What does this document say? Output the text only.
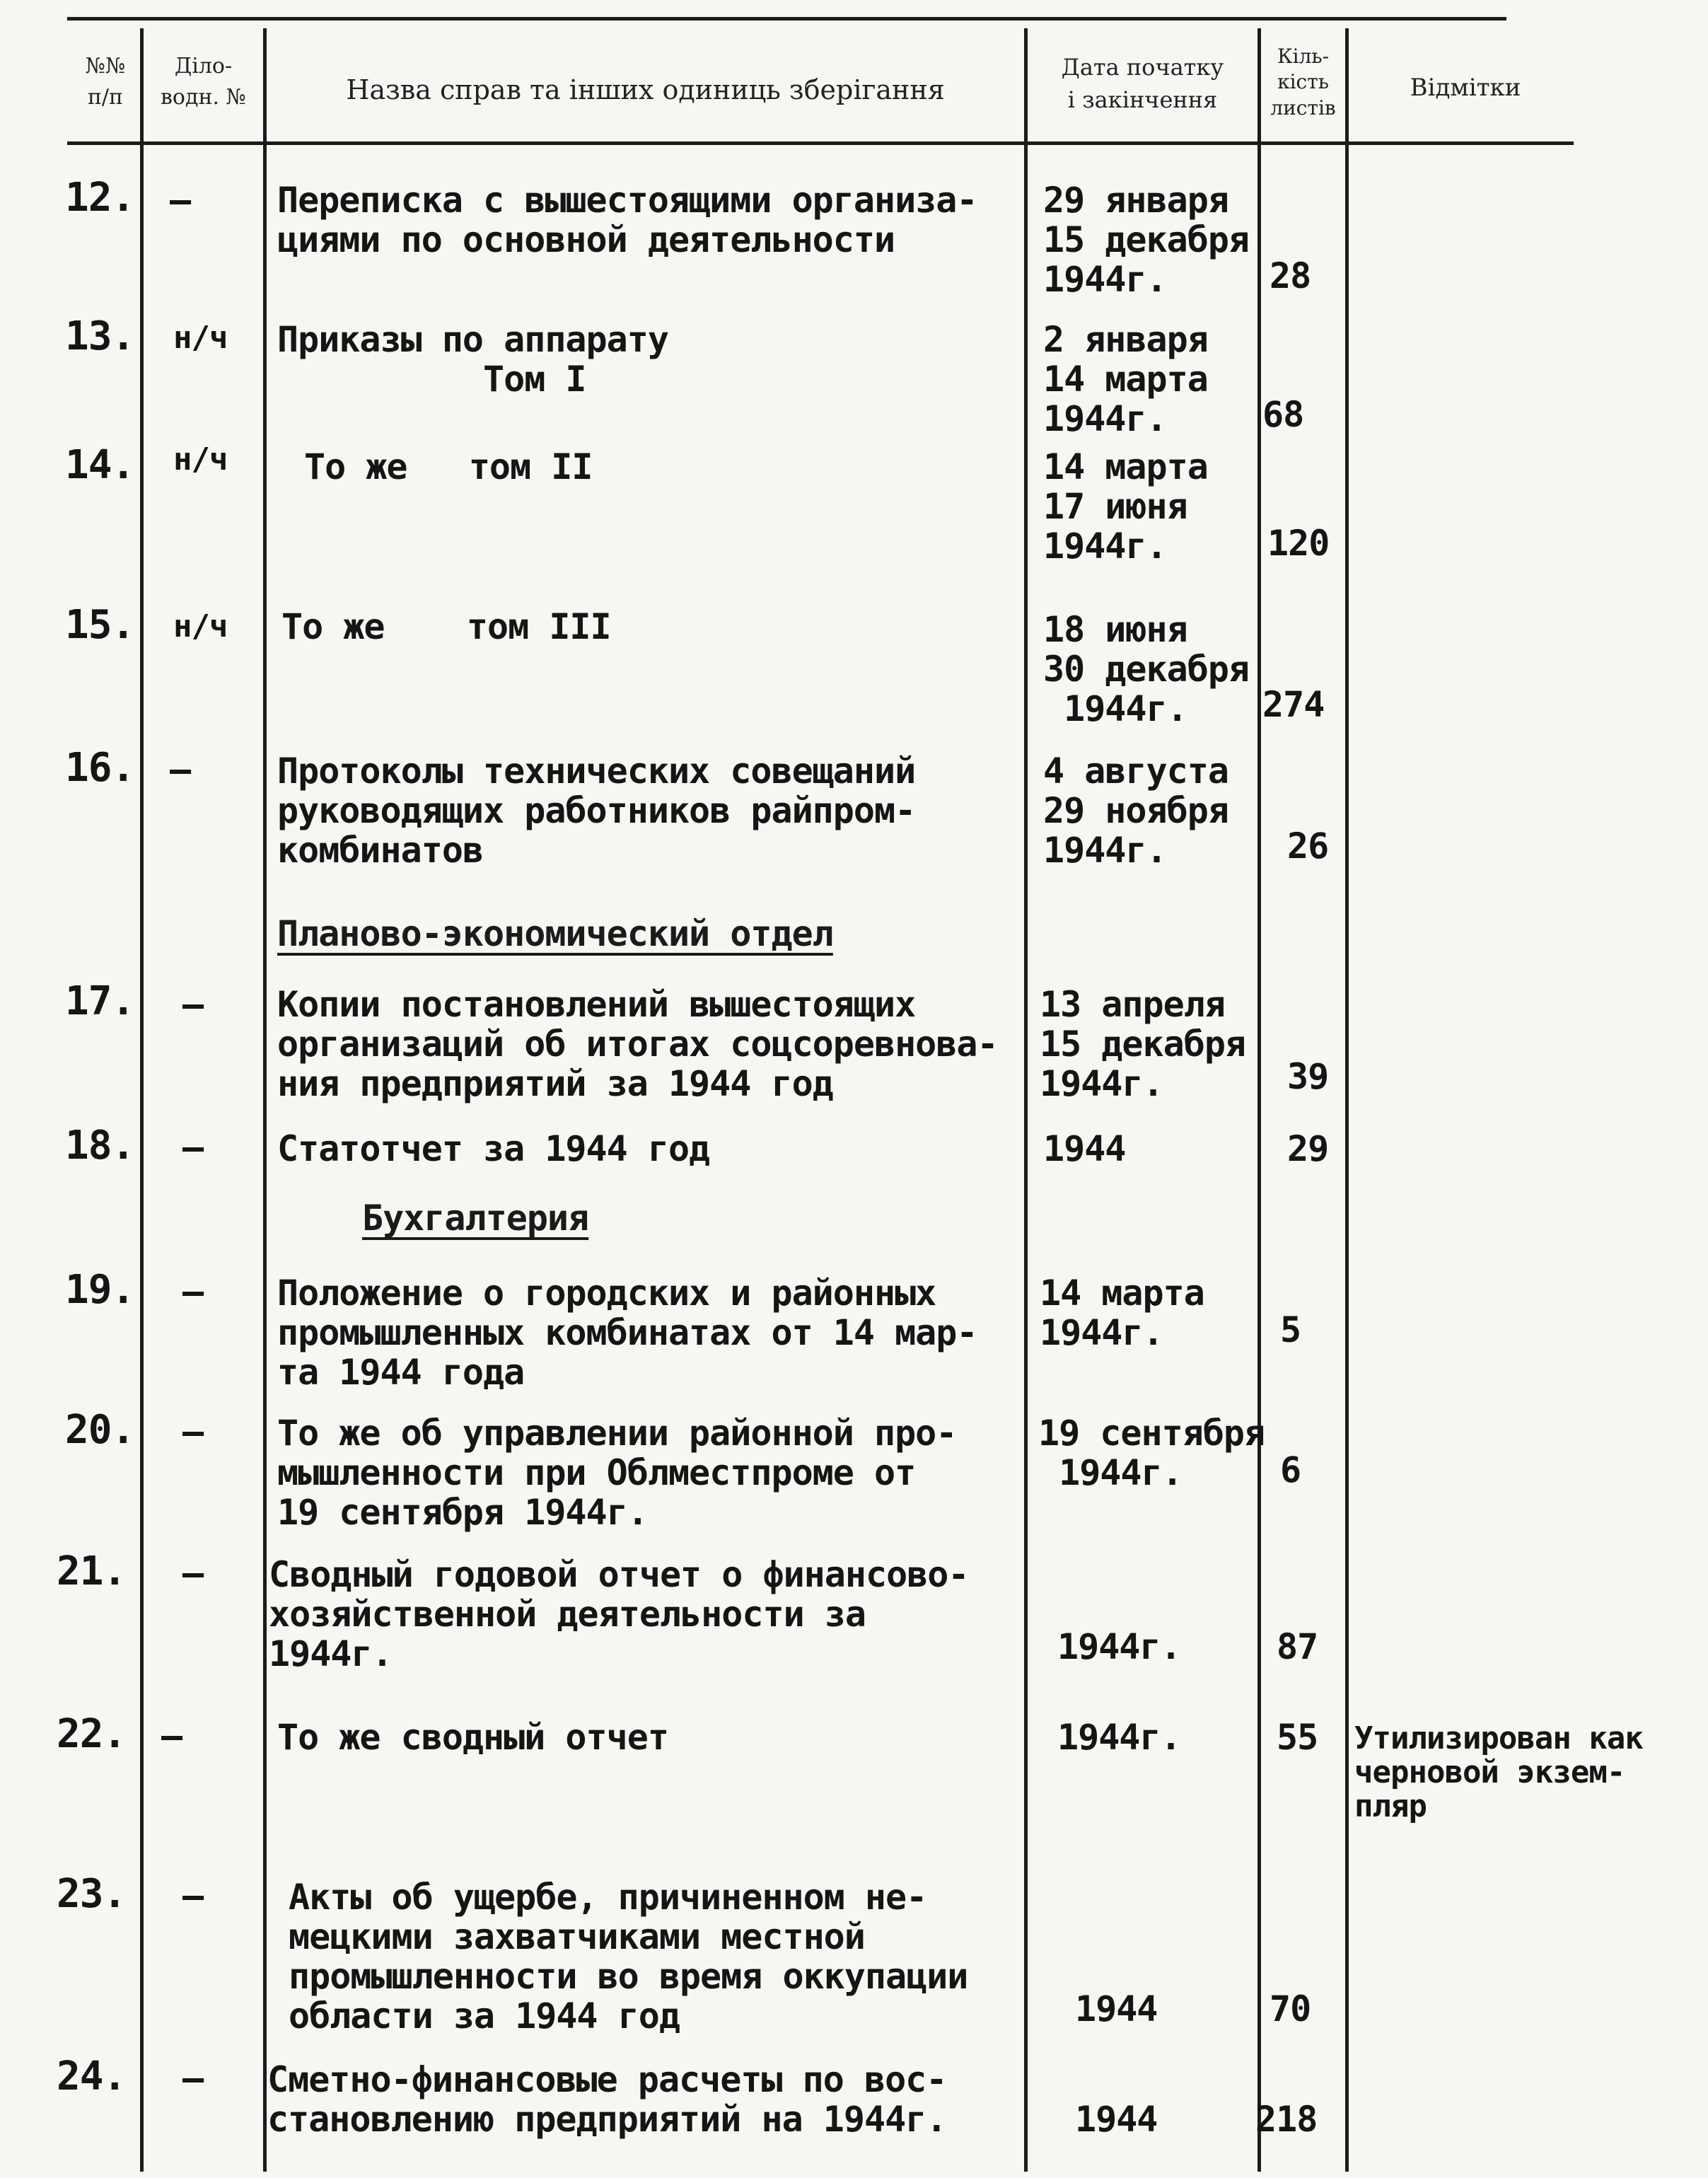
№№
п/п
Діло-
водн. №	Назва справ та інших одиниць зберігання
Дата початку
і закінчення
Кіль-
кість
листів
Відмітки
12. – Переписка с вышестоящими организа-
циями по основной деятельности
29 января
15 декабря
1944г.	28
13. н/ч Приказы по аппарату
Том I
2 января
14 марта
1944г.	68
14. н/ч То же   том II	14 марта
17 июня
1944г.	120
15. н/ч То же    том III	18 июня
30 декабря
1944г.	274
16. – Протоколы технических совещаний
руководящих работников райпром-
комбинатов
4 августа
29 ноября
1944г.	26
Планово-экономический отдел
17. – Копии постановлений вышестоящих
организаций об итогах соцсоревнова-
ния предприятий за 1944 год
13 апреля
15 декабря
1944г.	39
18. – Статотчет за 1944 год	1944	29
Бухгалтерия
19. – Положение о городских и районных
промышленных комбинатах от 14 мар-
та 1944 года
14 марта
1944г.	5
20. – То же об управлении районной про-
мышленности при Облместпроме от
19 сентября 1944г.
19 сентября
1944г.	6
21. – Сводный годовой отчет о финансово-
хозяйственной деятельности за
1944г.	1944г.	87
22. –	То же сводный отчет	1944г.	55 Утилизирован как
черновой экзем-
пляр
23. – Акты об ущербе, причиненном не-
мецкими захватчиками местной
промышленности во время оккупации
области за 1944 год	1944	70
24. – Сметно-финансовые расчеты по вос-
становлению предприятий на 1944г.	1944	218
